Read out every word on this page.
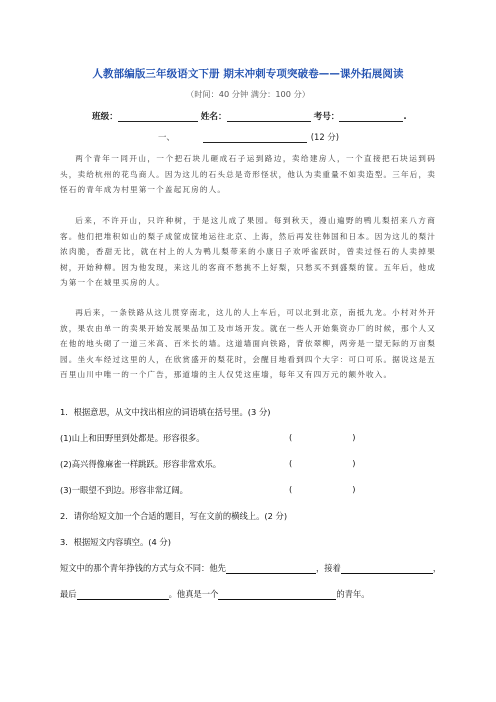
人教部编版三年级语文下册 期末冲刺专项突破卷——课外拓展阅读
（时间：40 分钟 满分：100 分）
班级：	姓名：	考号：	.
一、	(12 分)
两个青年一同开山，一个把石块儿砸成石子运到路边，卖给建房人，一个直接把石块运到码头，卖给杭州的花鸟商人。因为这儿的石头总是奇形怪状，他认为卖重量不如卖造型。三年后，卖怪石的青年成为村里第一个盖起瓦房的人。
后来，不许开山，只许种树，于是这儿成了果园。每到秋天，漫山遍野的鸭儿梨招来八方商客。他们把堆积如山的梨子成筐成筐地运往北京、上海，然后再发往韩国和日本。因为这儿的梨汁浓肉脆，香甜无比，就在村上的人为鸭儿梨带来的小康日子欢呼雀跃时，曾卖过怪石的人卖掉果树，开始种柳。因为他发现，来这儿的客商不愁挑不上好梨，只愁买不到盛梨的筐。五年后，他成为第一个在城里买房的人。
再后来，一条铁路从这儿贯穿南北，这儿的人上车后，可以北到北京，南抵九龙。小村对外开放，果农由单一的卖果开始发展果品加工及市场开发。就在一些人开始集资办厂的时候，那个人又在他的地头砌了一道三米高、百米长的墙。这道墙面向铁路，背依翠柳，两旁是一望无际的万亩梨园。坐火车经过这里的人，在欣赏盛开的梨花时，会醒目地看到四个大字：可口可乐。据说这是五百里山川中唯一的一个广告，那道墙的主人仅凭这座墙，每年又有四万元的额外收入。
1．根据意思，从文中找出相应的词语填在括号里。(3 分)
(1)山上和田野里到处都是。形容很多。	(	)
(2)高兴得像麻雀一样跳跃。形容非常欢乐。	(	)
(3)一眼望不到边。形容非常辽阔。	(	)
2．请你给短文加一个合适的题目，写在文前的横线上。(2 分)
3．根据短文内容填空。(4 分)
短文中的那个青年挣钱的方式与众不同：他先	，接着	，
最后	。他真是一个	的青年。
